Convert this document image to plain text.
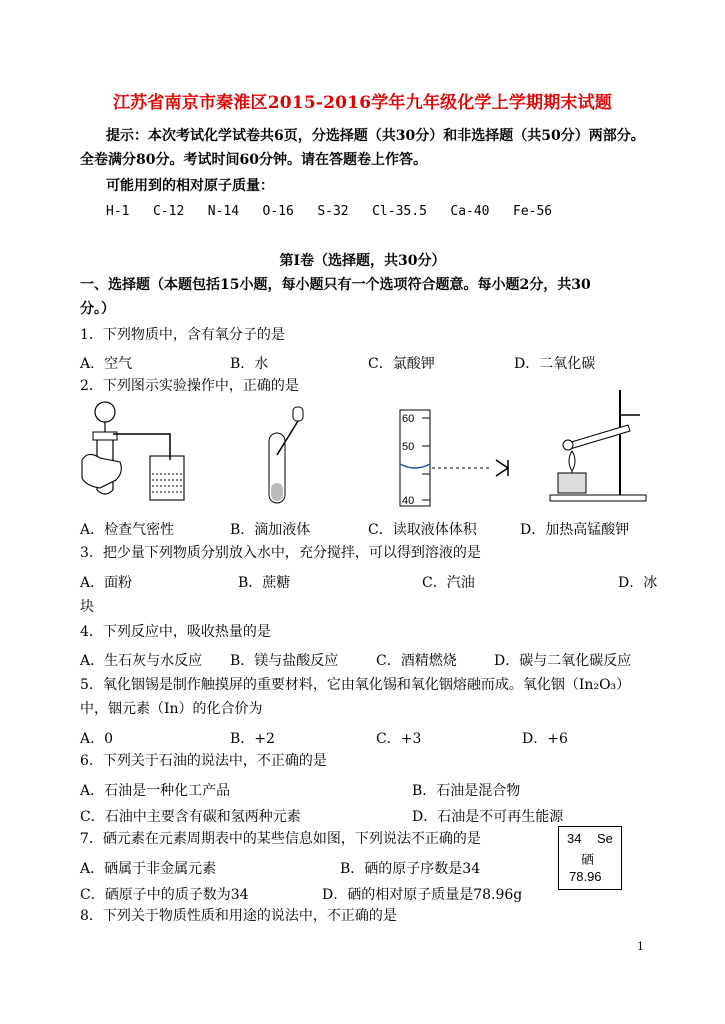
江苏省南京市秦淮区2015-2016学年九年级化学上学期期末试题
提示：本次考试化学试卷共6页，分选择题（共30分）和非选择题（共50分）两部分。
全卷满分80分。考试时间60分钟。请在答题卷上作答。
可能用到的相对原子质量：
H-1   C-12   N-14   O-16   S-32   Cl-35.5   Ca-40   Fe-56
第Ⅰ卷（选择题，共30分）
一、选择题（本题包括15小题，每小题只有一个选项符合题意。每小题2分，共30
分。）
1．下列物质中，含有氧分子的是
A．空气	B．水	C．氯酸钾	D．二氧化碳
2．下列图示实验操作中，正确的是
60
50
40
A．检查气密性	B．滴加液体	C．读取液体体积	D．加热高锰酸钾
3．把少量下列物质分别放入水中，充分搅拌，可以得到溶液的是
A．面粉	B．蔗糖	C．汽油	D．冰
块
4．下列反应中，吸收热量的是
A．生石灰与水反应 B．镁与盐酸反应	C．酒精燃烧	D．碳与二氧化碳反应
5．氧化铟锡是制作触摸屏的重要材料，它由氧化锡和氧化铟熔融而成。氧化铟（In₂O₃）
中，铟元素（In）的化合价为
A．0	B．+2	C．+3	D．+6
6．下列关于石油的说法中，不正确的是
A．石油是一种化工产品	B．石油是混合物
C．石油中主要含有碳和氢两种元素	D．石油是不可再生能源
7．硒元素在元素周期表中的某些信息如图，下列说法不正确的是
A．硒属于非金属元素	B．硒的原子序数是34
C．硒原子中的质子数为34	D．硒的相对原子质量是78.96g
34 Se
硒
78.96
8．下列关于物质性质和用途的说法中，不正确的是
1
